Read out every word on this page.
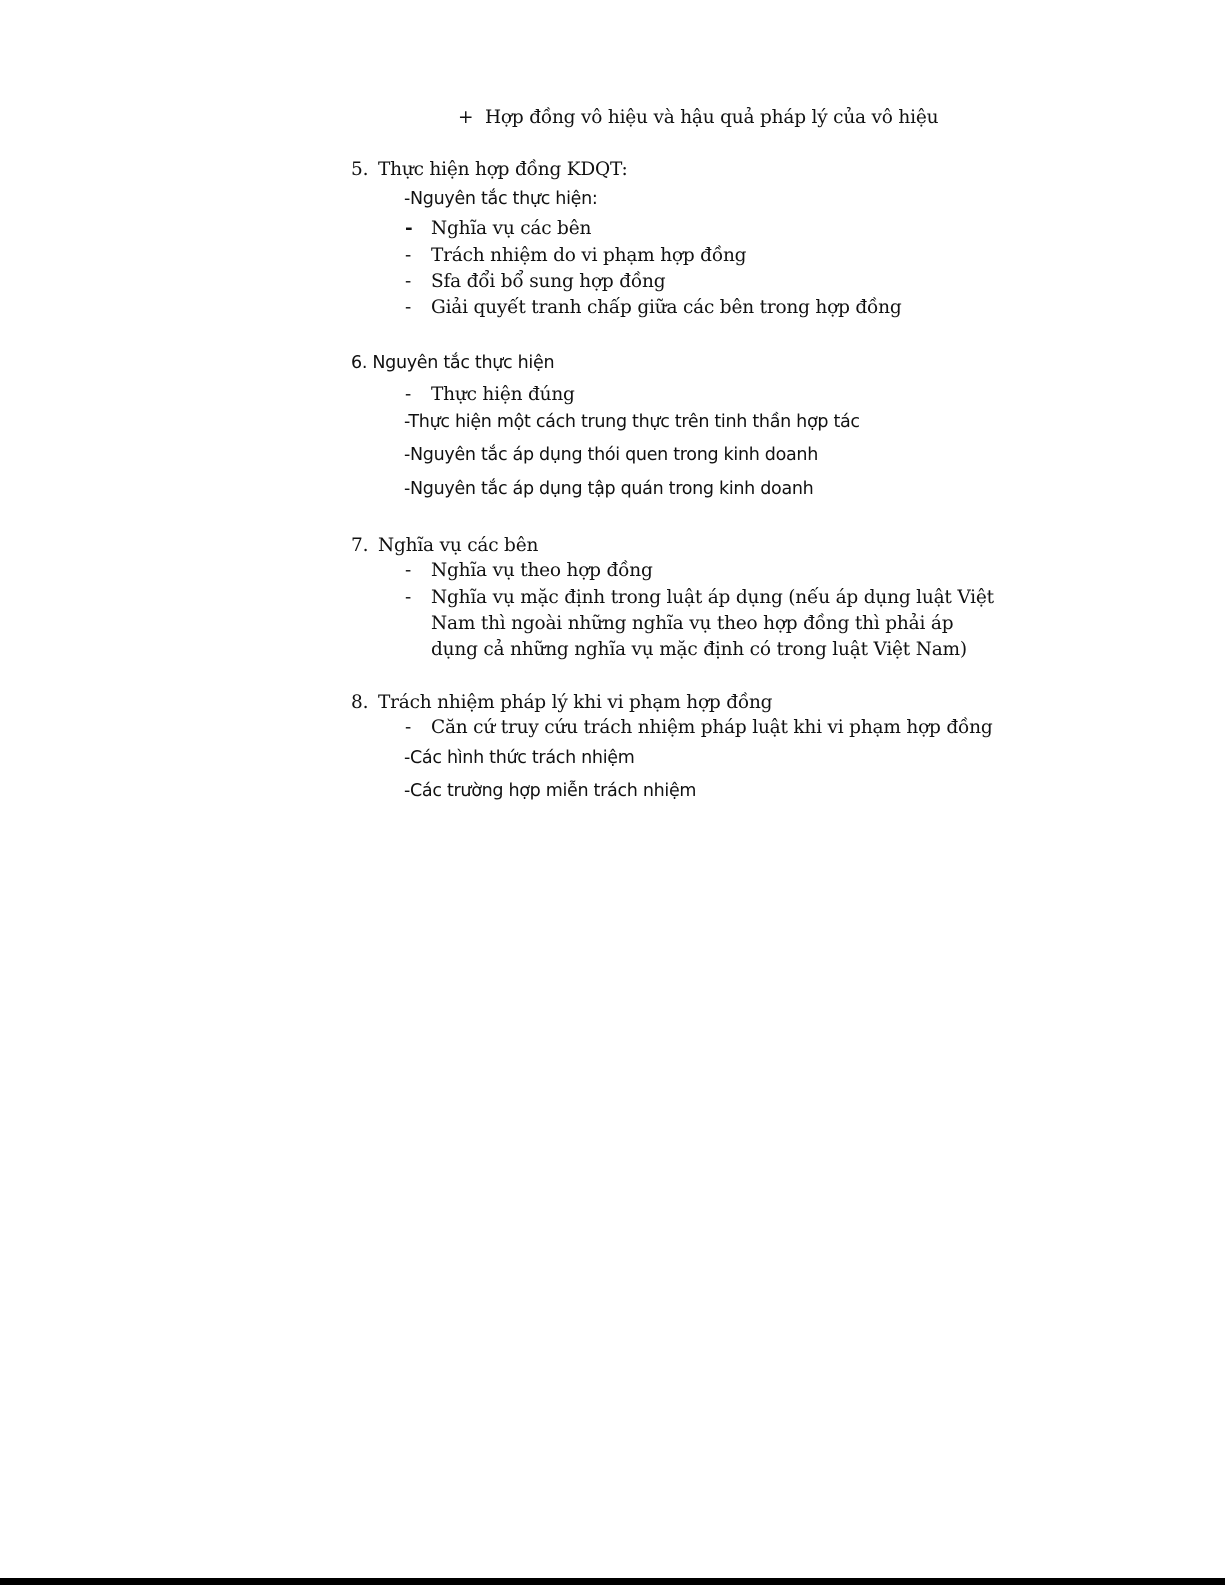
+ Hợp đồng vô hiệu và hậu quả pháp lý của vô hiệu
5. Thực hiện hợp đồng KDQT:
-Nguyên tắc thực hiện:
- Nghĩa vụ các bên
- Trách nhiệm do vi phạm hợp đồng
- Sfa đổi bổ sung hợp đồng
- Giải quyết tranh chấp giữa các bên trong hợp đồng
6. Nguyên tắc thực hiện
- Thực hiện đúng
-Thực hiện một cách trung thực trên tinh thần hợp tác
-Nguyên tắc áp dụng thói quen trong kinh doanh
-Nguyên tắc áp dụng tập quán trong kinh doanh
7. Nghĩa vụ các bên
- Nghĩa vụ theo hợp đồng
- Nghĩa vụ mặc định trong luật áp dụng (nếu áp dụng luật Việt
Nam thì ngoài những nghĩa vụ theo hợp đồng thì phải áp
dụng cả những nghĩa vụ mặc định có trong luật Việt Nam)
8. Trách nhiệm pháp lý khi vi phạm hợp đồng
- Căn cứ truy cứu trách nhiệm pháp luật khi vi phạm hợp đồng
-Các hình thức trách nhiệm
-Các trường hợp miễn trách nhiệm
